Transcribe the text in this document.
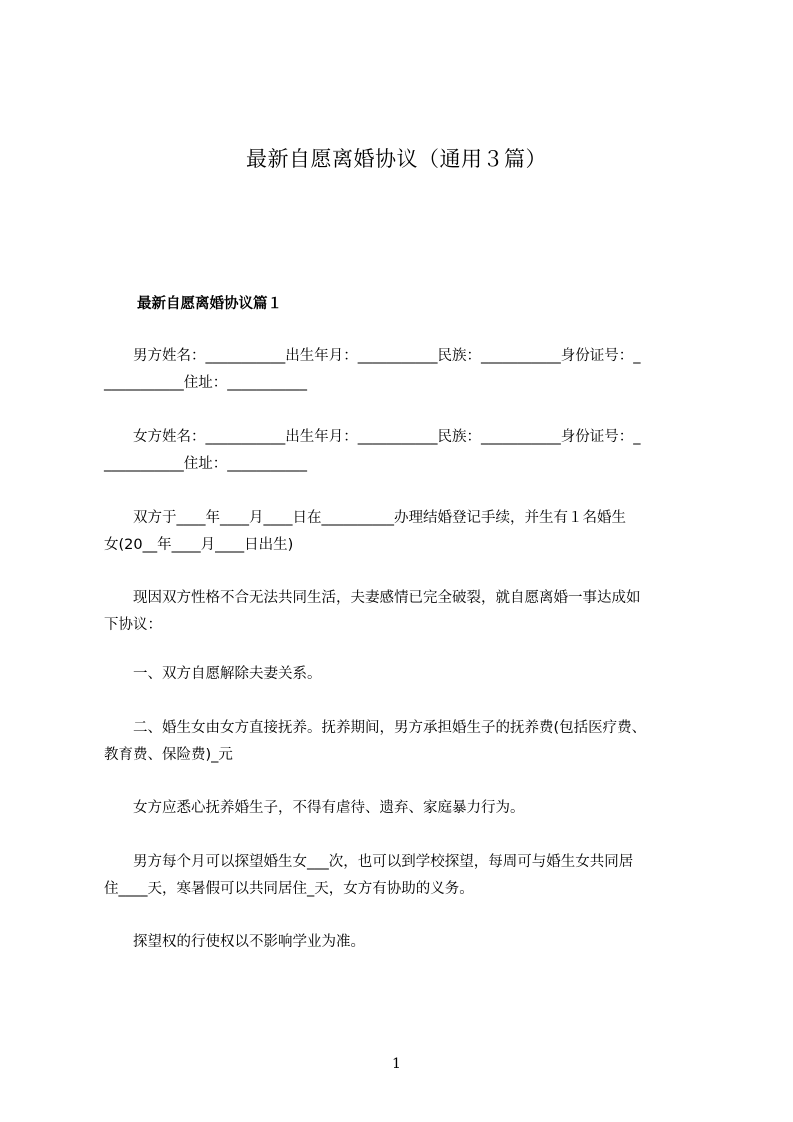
最新自愿离婚协议（通用３篇）
最新自愿离婚协议篇１
　　男方姓名：___________出生年月：___________民族：___________身份证号：_
___________住址：___________
　　女方姓名：___________出生年月：___________民族：___________身份证号：_
___________住址：___________
　　双方于____年____月____日在__________办理结婚登记手续，并生有１名婚生
女(20__年____月____日出生)
　　现因双方性格不合无法共同生活，夫妻感情已完全破裂，就自愿离婚一事达成如
下协议：
　　一、双方自愿解除夫妻关系。
　　二、婚生女由女方直接抚养。抚养期间，男方承担婚生子的抚养费(包括医疗费、
教育费、保险费)_元
　　女方应悉心抚养婚生子，不得有虐待、遗弃、家庭暴力行为。
　　男方每个月可以探望婚生女___次，也可以到学校探望，每周可与婚生女共同居
住____天，寒暑假可以共同居住_天，女方有协助的义务。
　　探望权的行使权以不影响学业为准。
1
